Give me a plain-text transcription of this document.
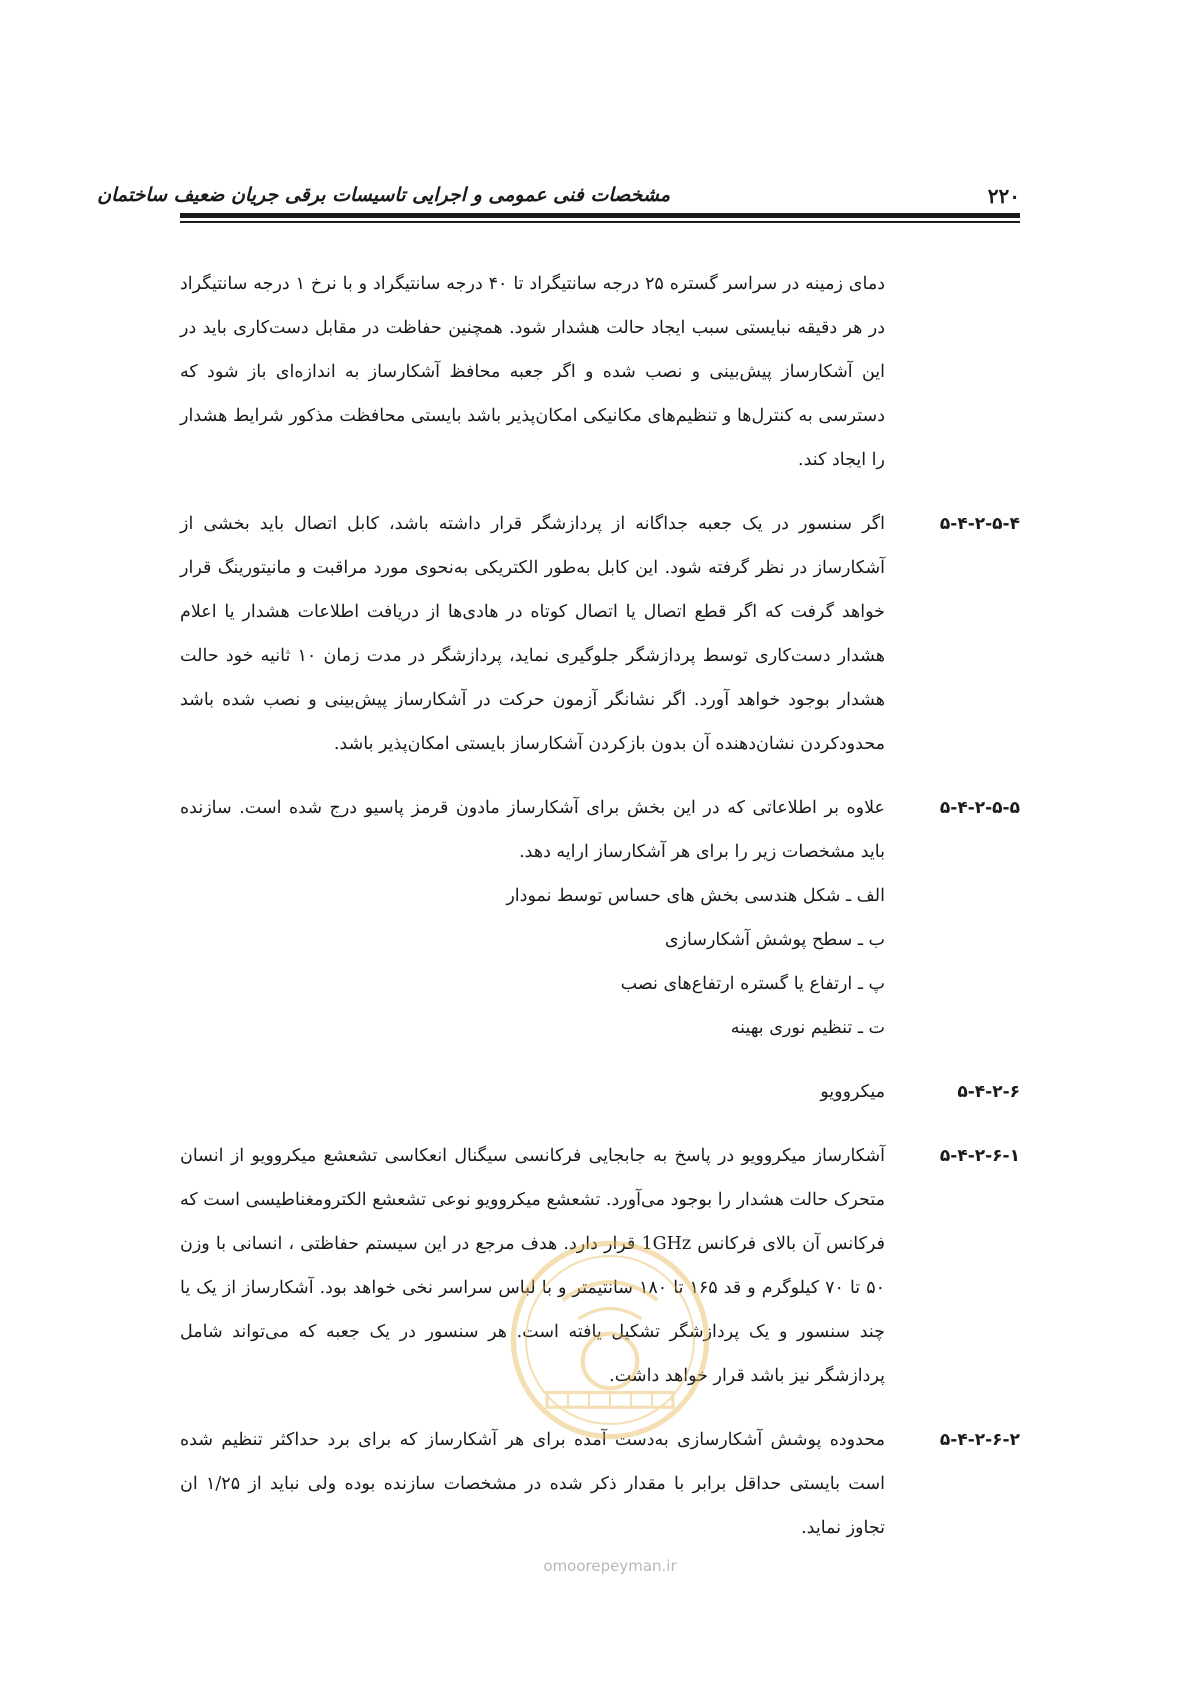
۲۲۰
مشخصات فنی عمومی و اجرایی تاسیسات برقی جریان ضعیف ساختمان

دمای زمینه در سراسر گستره ۲۵ درجه سانتیگراد تا ۴۰ درجه سانتیگراد و با نرخ ۱ درجه سانتیگراد در هر دقیقه نبایستی سبب ایجاد حالت هشدار شود. همچنین حفاظت در مقابل دست‌کاری باید در این آشکارساز پیش‌بینی و نصب شده و اگر جعبه محافظ آشکارساز به اندازه‌ای باز شود که دسترسی به کنترل‌ها و تنظیم‌های مکانیکی امکان‌پذیر باشد بایستی محافظت مذکور شرایط هشدار را ایجاد کند.

۵-۴-۲-۵-۴

اگر سنسور در یک جعبه جداگانه از پردازشگر قرار داشته باشد، کابل اتصال باید بخشی از آشکارساز در نظر گرفته شود. این کابل به‌طور الکتریکی به‌نحوی مورد مراقبت و مانیتورینگ قرار خواهد گرفت که اگر قطع اتصال یا اتصال کوتاه در هادی‌ها از دریافت اطلاعات هشدار یا اعلام هشدار دست‌کاری توسط پردازشگر جلوگیری نماید، پردازشگر در مدت زمان ۱۰ ثانیه خود حالت هشدار بوجود خواهد آورد. اگر نشانگر آزمون حرکت در آشکارساز پیش‌بینی و نصب شده باشد محدودکردن نشان‌دهنده آن بدون بازکردن آشکارساز بایستی امکان‌پذیر باشد.

۵-۴-۲-۵-۵

علاوه بر اطلاعاتی که در این بخش برای آشکارساز مادون قرمز پاسیو درج شده است. سازنده باید مشخصات زیر را برای هر آشکارساز ارایه دهد.

الف ـ شکل هندسی بخش های حساس توسط نمودار

ب ـ سطح پوشش آشکارسازی

پ ـ ارتفاع یا گستره ارتفاع‌های نصب

ت ـ تنظیم نوری بهینه

۵-۴-۲-۶
میکروویو
۵-۴-۲-۶-۱

آشکارساز میکروویو در پاسخ به جابجایی فرکانسی سیگنال انعکاسی تشعشع میکروویو از انسان متحرک حالت هشدار را بوجود می‌آورد. تشعشع میکروویو نوعی تشعشع الکترومغناطیسی است که فرکانس آن بالای فرکانس 1GHz قرار دارد. هدف مرجع در این سیستم حفاظتی ، انسانی با وزن ۵۰ تا ۷۰ کیلوگرم و قد ۱۶۵ تا ۱۸۰ سانتیمتر و با لباس سراسر نخی خواهد بود. آشکارساز از یک یا چند سنسور و یک پردازشگر تشکیل یافته است. هر سنسور در یک جعبه که می‌تواند شامل پردازشگر نیز باشد قرار خواهد داشت.

۵-۴-۲-۶-۲

محدوده پوشش آشکارسازی به‌دست آمده برای هر آشکارساز که برای برد حداکثر تنظیم شده است بایستی حداقل برابر با مقدار ذکر شده در مشخصات سازنده بوده ولی نباید از ۱/۲۵ ان تجاوز نماید.

omoorepeyman.ir
